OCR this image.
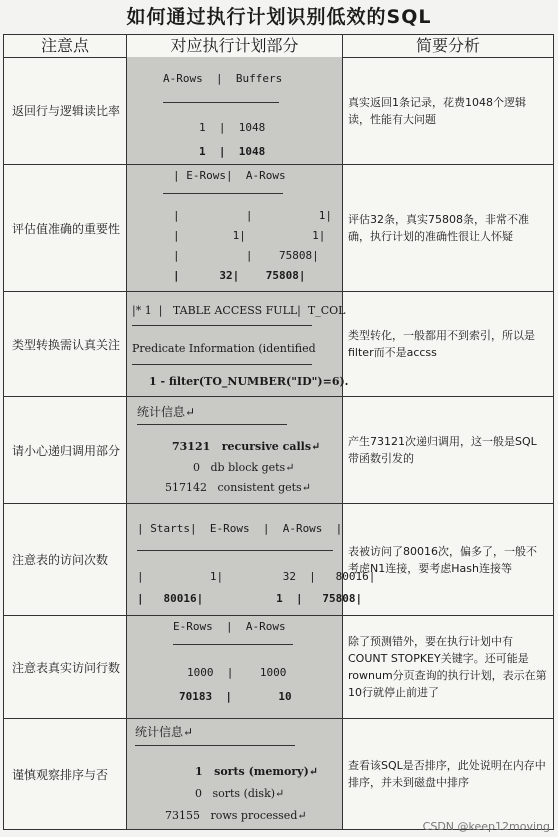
如何通过执行计划识别低效的SQL
注意点	对应执行计划部分	简要分析
返回行与逻辑读比率
A-Rows  |  Buffers
1  |  1048
1  |  1048
真实返回1条记录，花费1048个逻辑读，性能有大问题
评估值准确的重要性
| E-Rows|  A-Rows
|          |          1|
|        1|          1|
|          |    75808|
|      32|    75808|
评估32条，真实75808条，非常不准确，执行计划的准确性很让人怀疑
类型转换需认真关注
|* 1  |   TABLE ACCESS FULL|  T_COL
Predicate Information (identified
1 - filter(TO_NUMBER("ID")=6).
类型转化，一般都用不到索引，所以是filter而不是accss
请小心递归调用部分
统计信息↵
73121   recursive calls↵
0   db block gets↵
517142   consistent gets↵
产生73121次递归调用，这一般是SQL带函数引发的
注意表的访问次数
| Starts|  E-Rows  |  A-Rows  |
|          1|         32  |   80016|
|   80016|           1  |   75808|
表被访问了80016次，偏多了，一般不考虑N1连接，要考虑Hash连接等
注意表真实访问行数
E-Rows  |  A-Rows
1000  |    1000
70183  |       10
除了预测错外，要在执行计划中有COUNT STOPKEY关键字。还可能是rownum分页查询的执行计划，表示在第10行就停止前进了
谨慎观察排序与否
统计信息↵
1   sorts (memory)↵
0   sorts (disk)↵
73155   rows processed↵
查看该SQL是否排序，此处说明在内存中排序，并未到磁盘中排序
CSDN @keep12moving
